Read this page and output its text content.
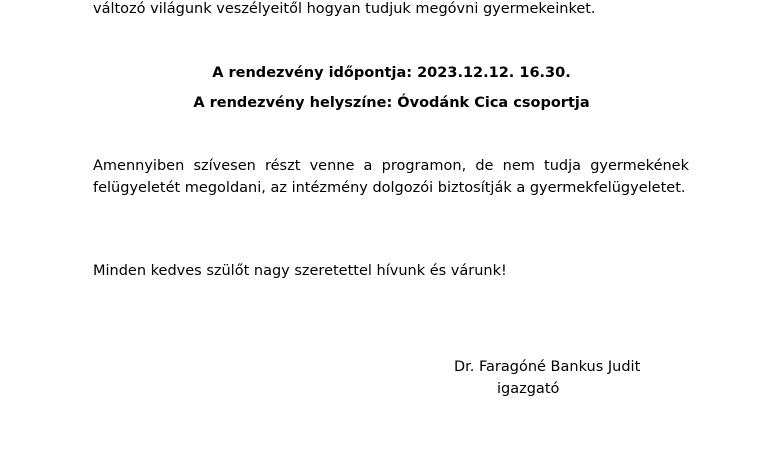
változó világunk veszélyeitől hogyan tudjuk megóvni gyermekeinket.
A rendezvény időpontja: 2023.12.12. 16.30.
A rendezvény helyszíne: Óvodánk Cica csoportja
Amennyiben szívesen részt venne a programon, de nem tudja gyermekének felügyeletét megoldani, az intézmény dolgozói biztosítják a gyermekfelügyeletet.
Minden kedves szülőt nagy szeretettel hívunk és várunk!
Dr. Faragóné Bankus Judit
igazgató
